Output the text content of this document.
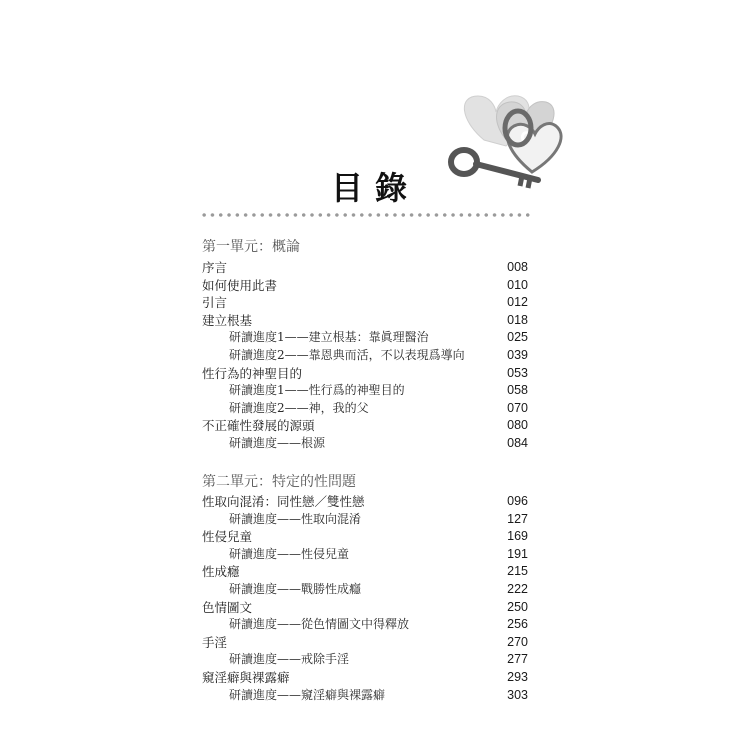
目錄
第一單元：概論
序言	008
如何使用此書	010
引言	012
建立根基	018
研讀進度1——建立根基：靠眞理醫治	025
研讀進度2——靠恩典而活，不以表現爲導向	039
性行為的神聖目的	053
研讀進度1——性行爲的神聖目的	058
研讀進度2——神，我的父	070
不正確性發展的源頭	080
研讀進度——根源	084
第二單元：特定的性問題
性取向混淆：同性戀／雙性戀	096
研讀進度——性取向混淆	127
性侵兒童	169
研讀進度——性侵兒童	191
性成癮	215
研讀進度——戰勝性成癮	222
色情圖文	250
研讀進度——從色情圖文中得釋放	256
手淫	270
研讀進度——戒除手淫	277
窺淫癖與裸露癖	293
研讀進度——窺淫癖與裸露癖	303
